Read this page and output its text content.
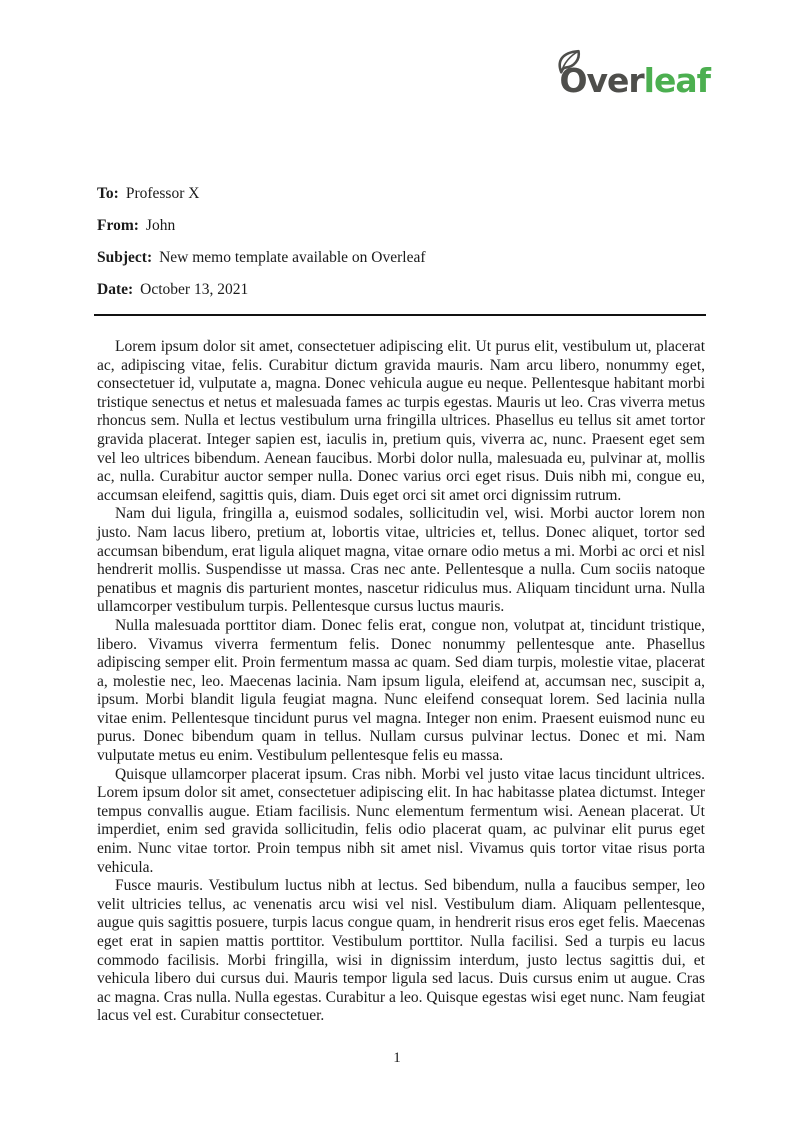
Overleaf
To: Professor X
From: John
Subject: New memo template available on Overleaf
Date: October 13, 2021

Lorem ipsum dolor sit amet, consectetuer adipiscing elit. Ut purus elit, vestibulum ut, placerat ac, adipiscing vitae, felis. Curabitur dictum gravida mauris. Nam arcu libero, nonummy eget, consectetuer id, vulputate a, magna. Donec vehicula augue eu neque. Pellentesque habitant morbi tristique senectus et netus et malesuada fames ac turpis egestas. Mauris ut leo. Cras viverra metus rhoncus sem. Nulla et lectus vestibulum urna fringilla ultrices. Phasellus eu tellus sit amet tortor gravida placerat. Integer sapien est, iaculis in, pretium quis, viverra ac, nunc. Praesent eget sem vel leo ultrices bibendum. Aenean faucibus. Morbi dolor nulla, malesuada eu, pulvinar at, mollis ac, nulla. Curabitur auctor semper nulla. Donec varius orci eget risus. Duis nibh mi, congue eu, accumsan eleifend, sagittis quis, diam. Duis eget orci sit amet orci dignissim rutrum.

Nam dui ligula, fringilla a, euismod sodales, sollicitudin vel, wisi. Morbi auctor lorem non justo. Nam lacus libero, pretium at, lobortis vitae, ultricies et, tellus. Donec aliquet, tortor sed accumsan bibendum, erat ligula aliquet magna, vitae ornare odio metus a mi. Morbi ac orci et nisl hendrerit mollis. Suspendisse ut massa. Cras nec ante. Pellentesque a nulla. Cum sociis natoque penatibus et magnis dis parturient montes, nascetur ridiculus mus. Aliquam tincidunt urna. Nulla ullamcorper vestibulum turpis. Pellentesque cursus luctus mauris.

Nulla malesuada porttitor diam. Donec felis erat, congue non, volutpat at, tincidunt tristique, libero. Vivamus viverra fermentum felis. Donec nonummy pellentesque ante. Phasellus adipiscing semper elit. Proin fermentum massa ac quam. Sed diam turpis, molestie vitae, placerat a, molestie nec, leo. Maecenas lacinia. Nam ipsum ligula, eleifend at, accumsan nec, suscipit a, ipsum. Morbi blandit ligula feugiat magna. Nunc eleifend consequat lorem. Sed lacinia nulla vitae enim. Pellentesque tincidunt purus vel magna. Integer non enim. Praesent euismod nunc eu purus. Donec bibendum quam in tellus. Nullam cursus pulvinar lectus. Donec et mi. Nam vulputate metus eu enim. Vestibulum pellentesque felis eu massa.

Quisque ullamcorper placerat ipsum. Cras nibh. Morbi vel justo vitae lacus tincidunt ultrices. Lorem ipsum dolor sit amet, consectetuer adipiscing elit. In hac habitasse platea dictumst. Integer tempus convallis augue. Etiam facilisis. Nunc elementum fermentum wisi. Aenean placerat. Ut imperdiet, enim sed gravida sollicitudin, felis odio placerat quam, ac pulvinar elit purus eget enim. Nunc vitae tortor. Proin tempus nibh sit amet nisl. Vivamus quis tortor vitae risus porta vehicula.

Fusce mauris. Vestibulum luctus nibh at lectus. Sed bibendum, nulla a faucibus semper, leo velit ultricies tellus, ac venenatis arcu wisi vel nisl. Vestibulum diam. Aliquam pellentesque, augue quis sagittis posuere, turpis lacus congue quam, in hendrerit risus eros eget felis. Maecenas eget erat in sapien mattis porttitor. Vestibulum porttitor. Nulla facilisi. Sed a turpis eu lacus commodo facilisis. Morbi fringilla, wisi in dignissim interdum, justo lectus sagittis dui, et vehicula libero dui cursus dui. Mauris tempor ligula sed lacus. Duis cursus enim ut augue. Cras ac magna. Cras nulla. Nulla egestas. Curabitur a leo. Quisque egestas wisi eget nunc. Nam feugiat lacus vel est. Curabitur consectetuer.

1
